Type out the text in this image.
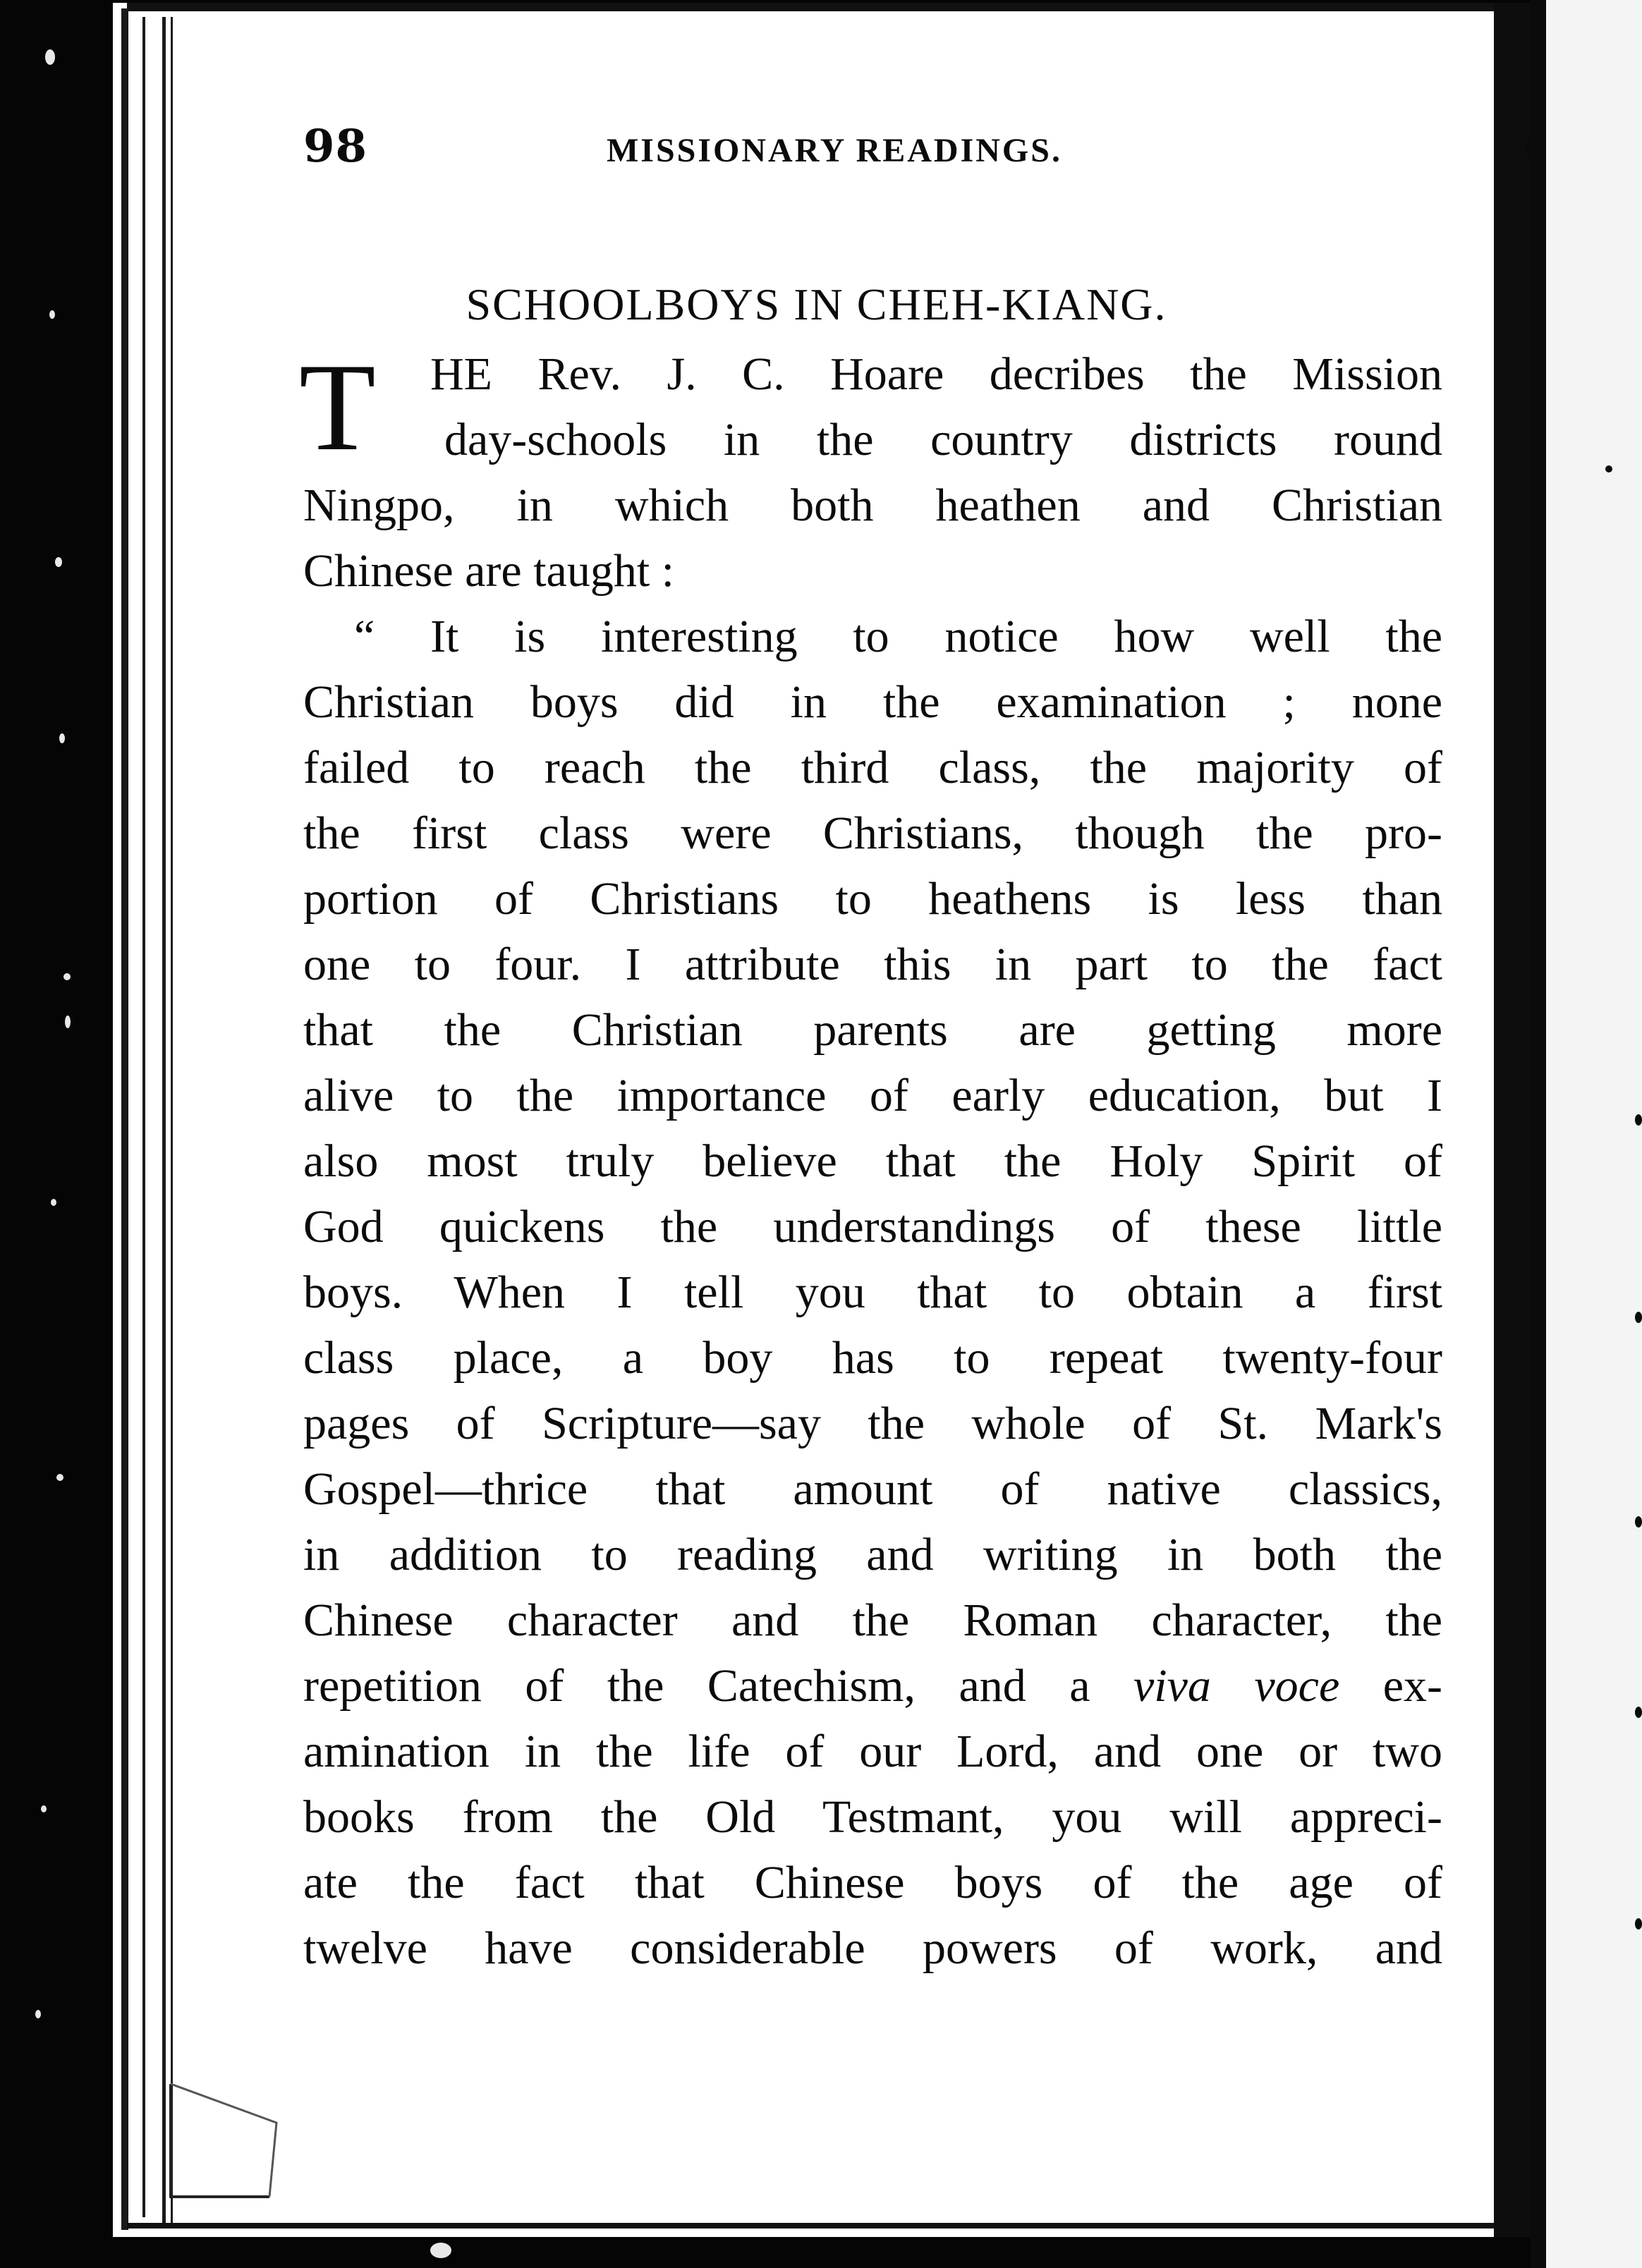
98	MISSIONARY READINGS.
SCHOOLBOYS IN CHEH-KIANG.
T	HE Rev. J. C. Hoare decribes the Mission
day-schools in the country districts round
Ningpo, in which both heathen and Christian
Chinese are taught :
“ It is interesting to notice how well the
Christian boys did in the examination ; none
failed to reach the third class, the majority of
the first class were Christians, though the pro-
portion of Christians to heathens is less than
one to four. I attribute this in part to the fact
that the Christian parents are getting more
alive to the importance of early education, but I
also most truly believe that the Holy Spirit of
God quickens the understandings of these little
boys. When I tell you that to obtain a first
class place, a boy has to repeat twenty-four
pages of Scripture—say the whole of St. Mark's
Gospel—thrice that amount of native classics,
in addition to reading and writing in both the
Chinese character and the Roman character, the
repetition of the Catechism, and a viva voce ex-
amination in the life of our Lord, and one or two
books from the Old Testmant, you will appreci-
ate the fact that Chinese boys of the age of
twelve have considerable powers of work, and
